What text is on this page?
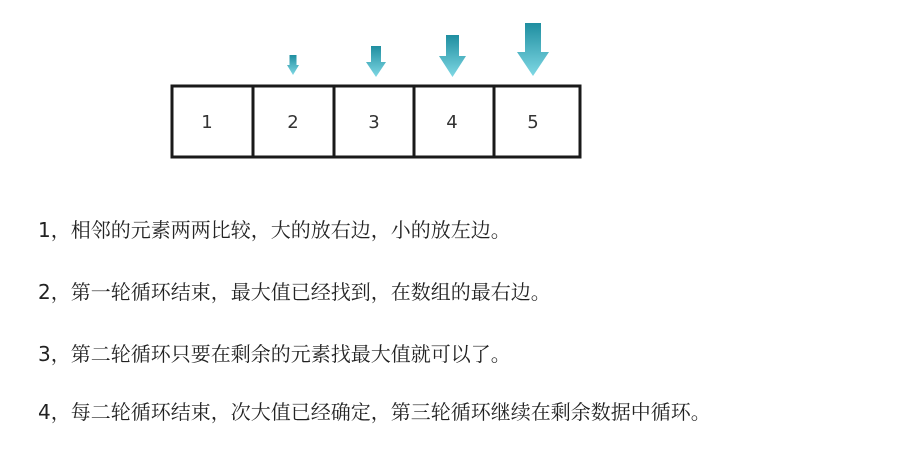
1	2	3	4	5
1，相邻的元素两两比较，大的放右边，小的放左边。
2，第一轮循环结束，最大值已经找到，在数组的最右边。
3，第二轮循环只要在剩余的元素找最大值就可以了。
4，每二轮循环结束，次大值已经确定，第三轮循环继续在剩余数据中循环。
